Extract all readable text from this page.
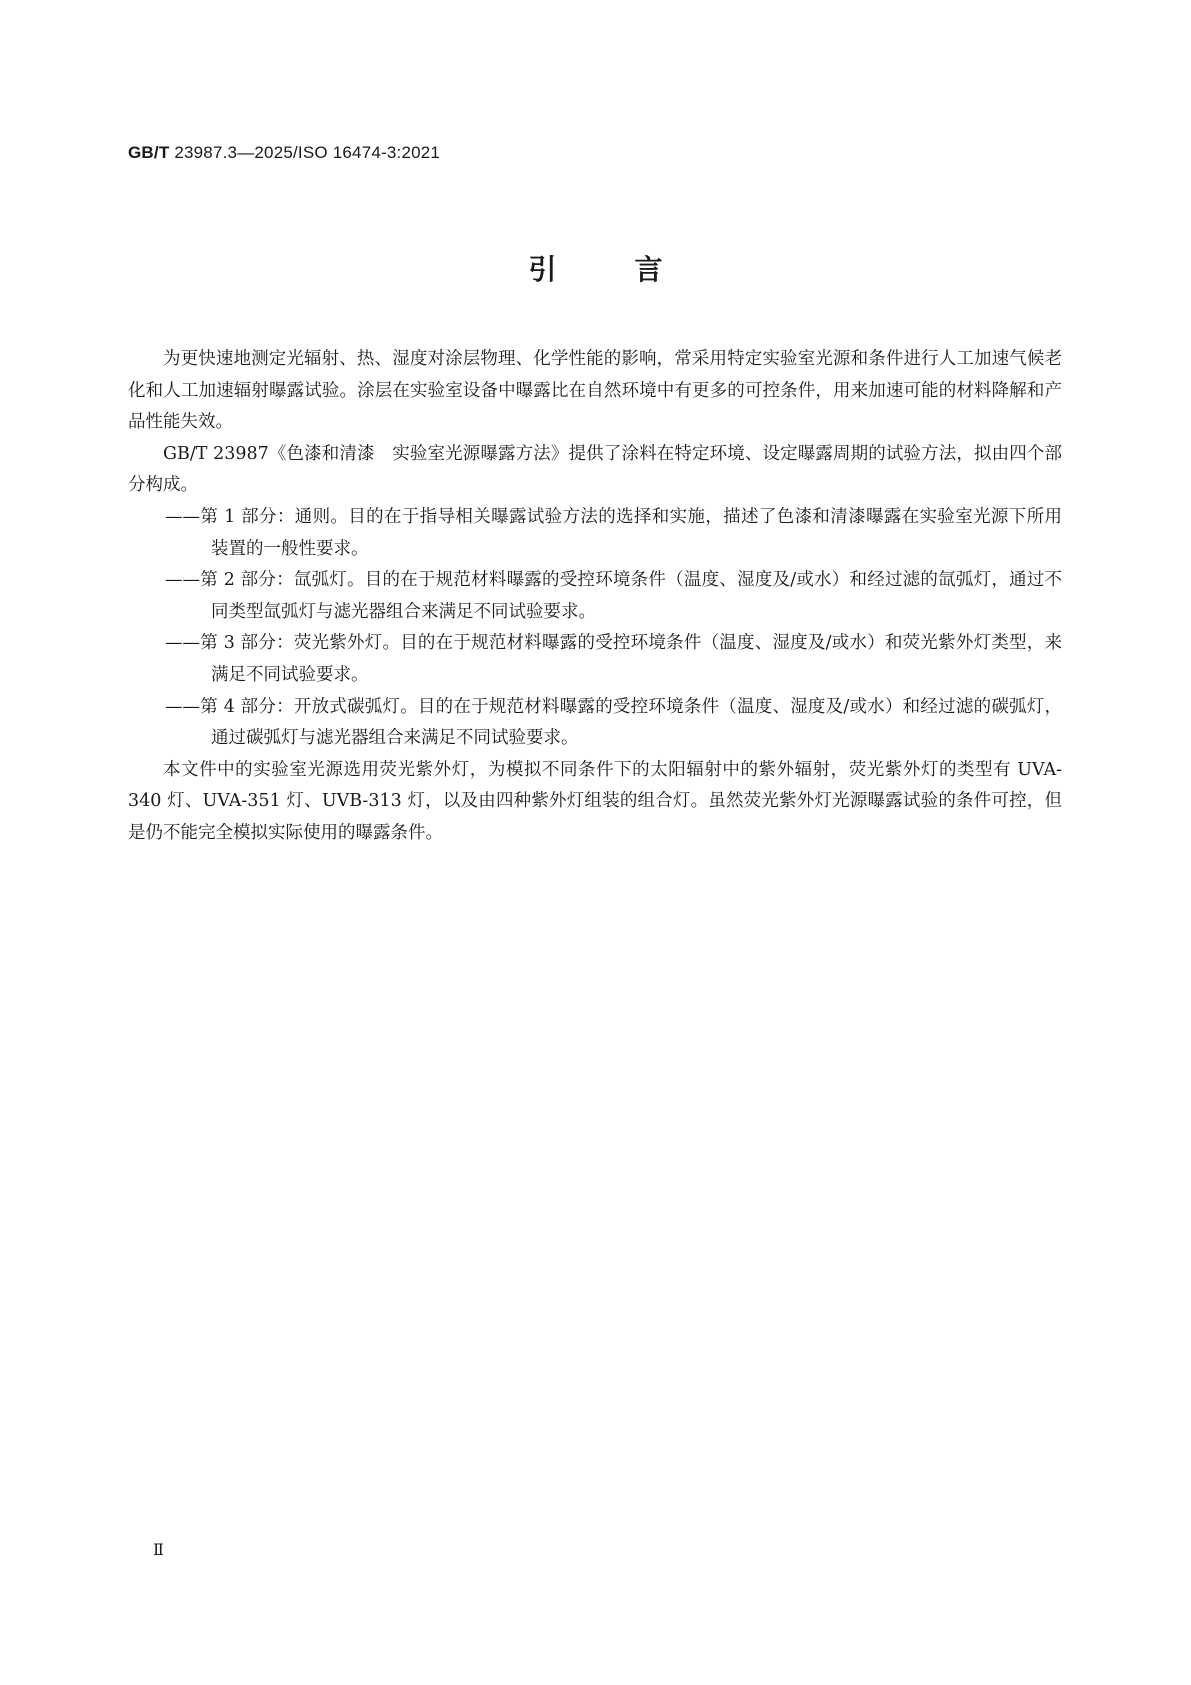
GB/T 23987.3—2025/ISO 16474-3:2021
引言

为更快速地测定光辐射、热、湿度对涂层物理、化学性能的影响，常采用特定实验室光源和条件进行人工加速气候老化和人工加速辐射曝露试验。涂层在实验室设备中曝露比在自然环境中有更多的可控条件，用来加速可能的材料降解和产品性能失效。

GB/T 23987《色漆和清漆　实验室光源曝露方法》提供了涂料在特定环境、设定曝露周期的试验方法，拟由四个部分构成。

——第 1 部分：通则。目的在于指导相关曝露试验方法的选择和实施，描述了色漆和清漆曝露在实验室光源下所用装置的一般性要求。

——第 2 部分：氙弧灯。目的在于规范材料曝露的受控环境条件（温度、湿度及/或水）和经过滤的氙弧灯，通过不同类型氙弧灯与滤光器组合来满足不同试验要求。

——第 3 部分：荧光紫外灯。目的在于规范材料曝露的受控环境条件（温度、湿度及/或水）和荧光紫外灯类型，来满足不同试验要求。

——第 4 部分：开放式碳弧灯。目的在于规范材料曝露的受控环境条件（温度、湿度及/或水）和经过滤的碳弧灯，通过碳弧灯与滤光器组合来满足不同试验要求。

本文件中的实验室光源选用荧光紫外灯，为模拟不同条件下的太阳辐射中的紫外辐射，荧光紫外灯的类型有 UVA-340 灯、UVA-351 灯、UVB-313 灯，以及由四种紫外灯组装的组合灯。虽然荧光紫外灯光源曝露试验的条件可控，但是仍不能完全模拟实际使用的曝露条件。

Ⅱ
